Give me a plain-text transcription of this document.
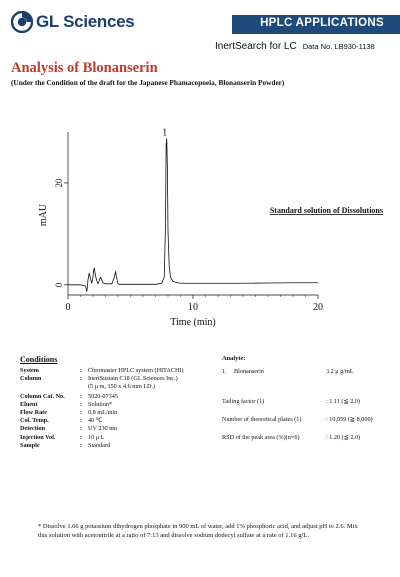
GL Sciences	HPLC APPLICATIONS
InertSearch for LC Data No. LB930-1138
Analysis of Blonanserin
(Under the Condition of the draft for the Japanese Phamacopoeia, Blonanserin Powder)
0	10	20
0
20
Time (min)
mAU
1
Standard solution of Dissolutions
Conditions
System	: Chromaster HPLC system (HITACHI)
Column	: InertSustain C18 (GL Sciences Inc.)
(5 μ m, 150 x 4.6 mm I.D.)
Column Cat. No. : 5020-07345
Eluent	: Solution*
Flow Rate	: 0.8 mL/min
Col. Temp.	: 40 ℃
Detection	: UV 230 nm
Injection Vol.	: 10 μ L
Sample	: Standard
Analyte:
1. Blonanserin	3.2 μ g/mL
Tailing factor (1)	: 1.11 (≦ 2.0)
Number of theoretical plates (1)	: 10,059 (≧ 8,000)
RSD of the peak area (%)(n=6)	: 1.20 (≦ 2.0)
* Dissolve 1.66 g potassium dihydrogen phosphate in 900 mL of water, add 1% phosphoric acid, and adjust pH to 2.6. Mix this solution with acetonitrile at a ratio of 7:13 and dissolve sodium dodecyl sulfate at a rate of 1.16 g/L.
